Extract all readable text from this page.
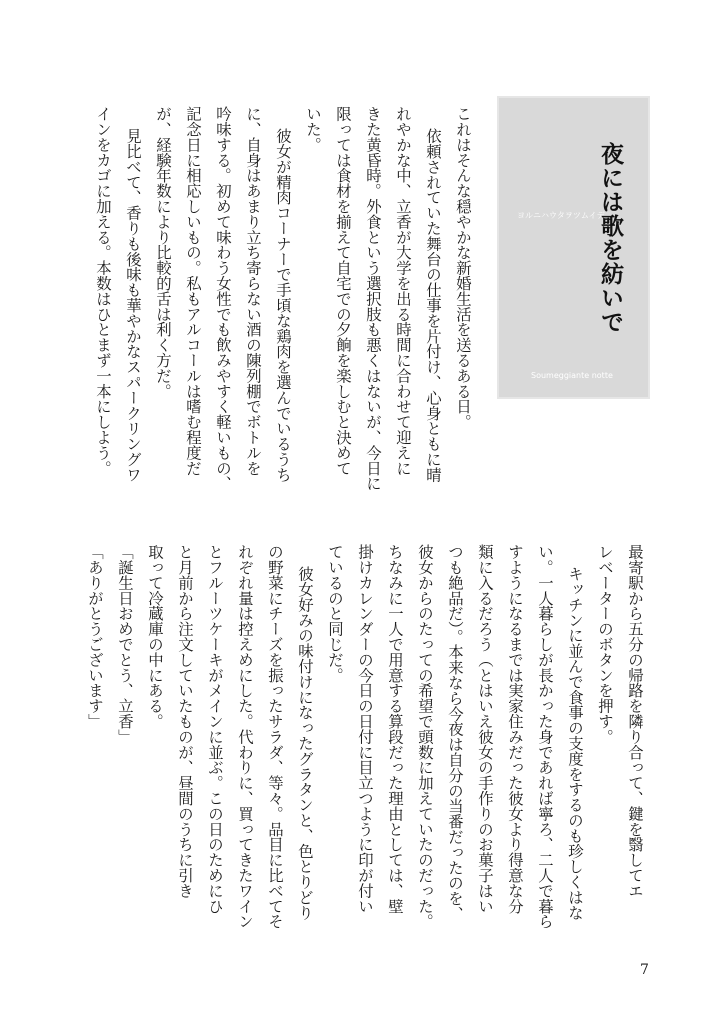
夜には歌を紡いで
ヨルニハウタヲツムイデ
Soumeggiante notte
これはそんな穏やかな新婚生活を送るある日。
依頼されていた舞台の仕事を片付け、心身ともに晴
れやかな中、立香が大学を出る時間に合わせて迎えに
きた黄昏時。外食という選択肢も悪くはないが、今日に
限っては食材を揃えて自宅での夕餉を楽しむと決めて
いた。
彼女が精肉コーナーで手頃な鶏肉を選んでいるうち
に、自身はあまり立ち寄らない酒の陳列棚でボトルを
吟味する。初めて味わう女性でも飲みやすく軽いもの、
記念日に相応しいもの。私もアルコールは嗜む程度だ
が、経験年数により比較的舌は利く方だ。
見比べて、香りも後味も華やかなスパークリングワ
インをカゴに加える。本数はひとまず一本にしよう。
最寄駅から五分の帰路を隣り合って、鍵を翳してエ
レベーターのボタンを押す。
キッチンに並んで食事の支度をするのも珍しくはな
い。一人暮らしが長かった身であれば寧ろ、二人で暮ら
すようになるまでは実家住みだった彼女より得意な分
類に入るだろう（とはいえ彼女の手作りのお菓子はい
つも絶品だ）。本来なら今夜は自分の当番だったのを、
彼女からのたっての希望で頭数に加えていたのだった。
ちなみに一人で用意する算段だった理由としては、壁
掛けカレンダーの今日の日付に目立つように印が付い
ているのと同じだ。
彼女好みの味付けになったグラタンと、色とりどり
の野菜にチーズを振ったサラダ、等々。品目に比べてそ
れぞれ量は控えめにした。代わりに、買ってきたワイン
とフルーツケーキがメインに並ぶ。この日のためにひ
と月前から注文していたものが、昼間のうちに引き
取って冷蔵庫の中にある。
「誕生日おめでとう、立香」
「ありがとうございます」
7
